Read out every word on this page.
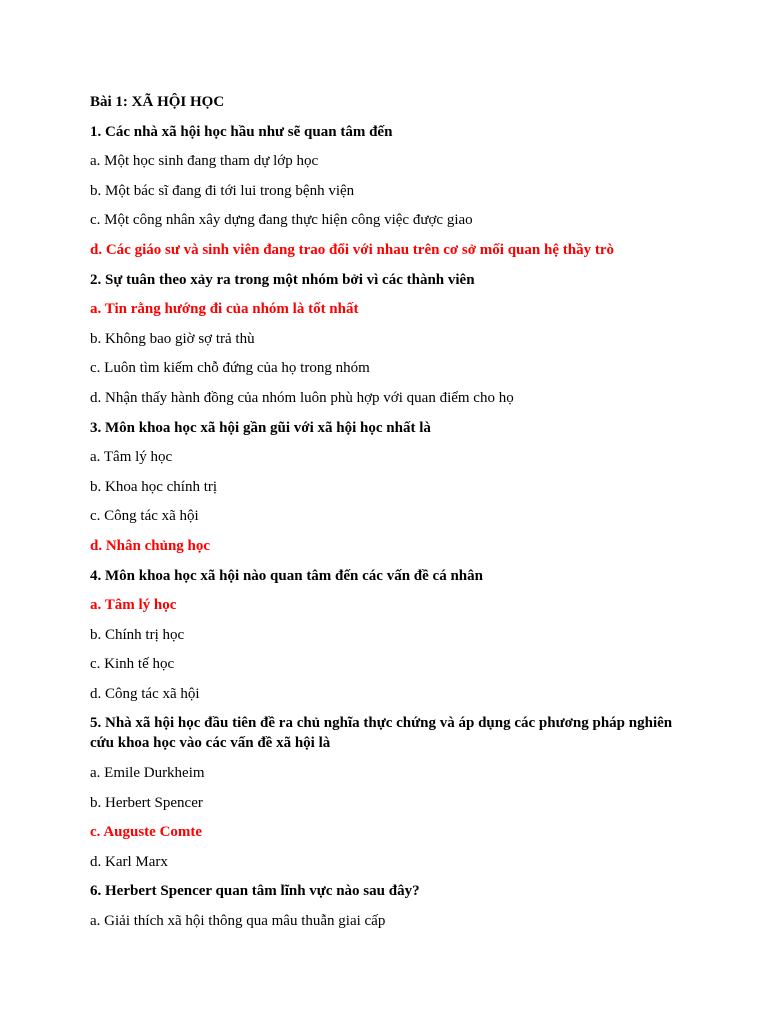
Bài 1: XÃ HỘI HỌC
1. Các nhà xã hội học hầu như sẽ quan tâm đến
a. Một học sinh đang tham dự lớp học
b. Một bác sĩ đang đi tới lui trong bệnh viện
c. Một công nhân xây dựng đang thực hiện công việc được giao
d. Các giáo sư và sinh viên đang trao đổi với nhau trên cơ sở mối quan hệ thầy trò
2. Sự tuân theo xảy ra trong một nhóm bởi vì các thành viên
a. Tin rằng hướng đi của nhóm là tốt nhất
b. Không bao giờ sợ trả thù
c. Luôn tìm kiếm chỗ đứng của họ trong nhóm
d. Nhận thấy hành đồng của nhóm luôn phù hợp với quan điểm cho họ
3. Môn khoa học xã hội gần gũi với xã hội học nhất là
a. Tâm lý học
b. Khoa học chính trị
c. Công tác xã hội
d. Nhân chủng học
4. Môn khoa học xã hội nào quan tâm đến các vấn đề cá nhân
a. Tâm lý học
b. Chính trị học
c. Kinh tế học
d. Công tác xã hội
5. Nhà xã hội học đầu tiên đề ra chủ nghĩa thực chứng và áp dụng các phương pháp nghiên cứu khoa học vào các vấn đề xã hội là
a. Emile Durkheim
b. Herbert Spencer
c. Auguste Comte
d. Karl Marx
6. Herbert Spencer quan tâm lĩnh vực nào sau đây?
a. Giải thích xã hội thông qua mâu thuẫn giai cấp
